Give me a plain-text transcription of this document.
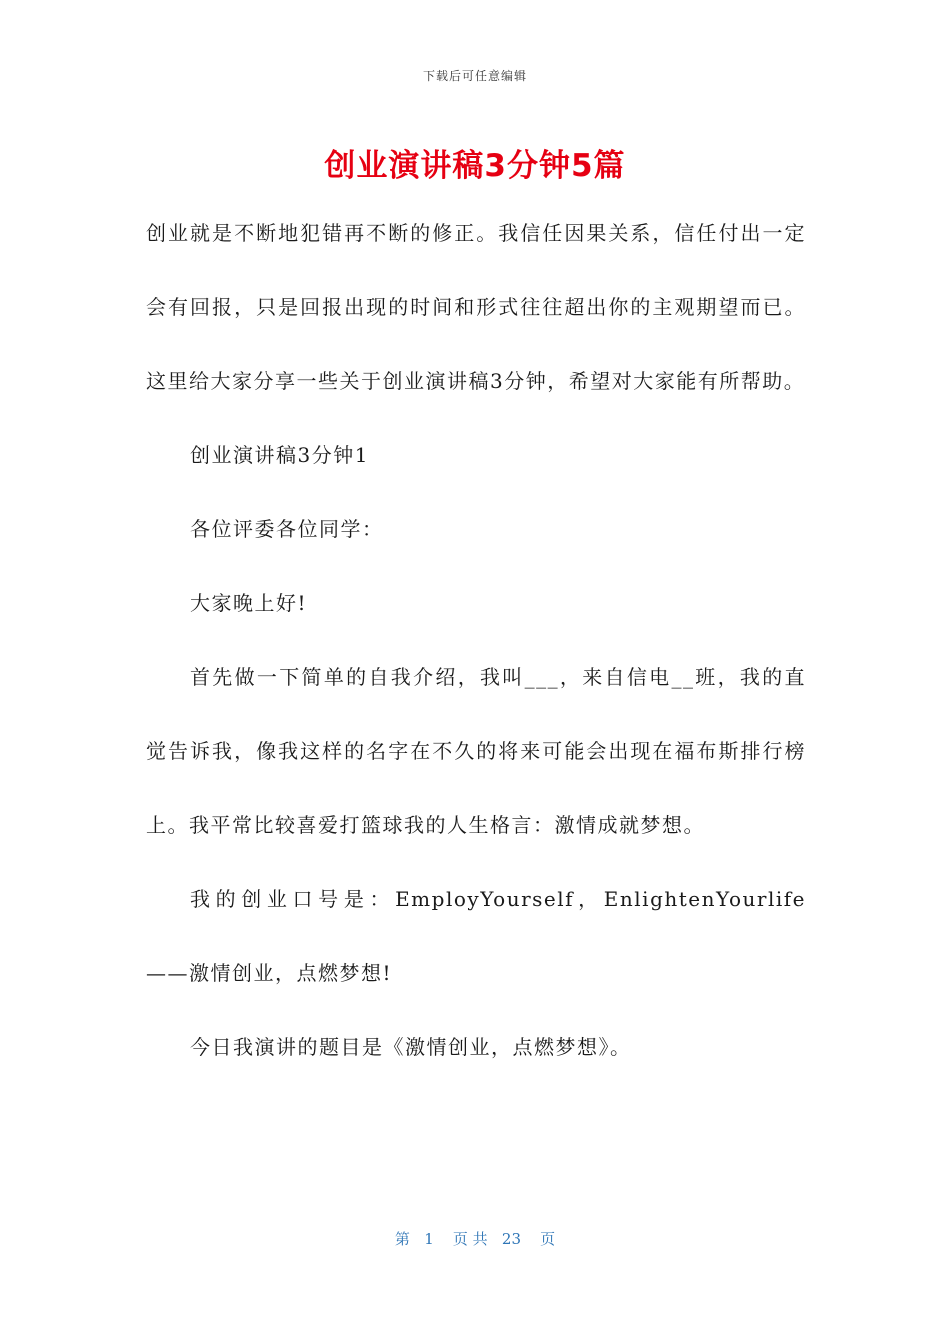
下载后可任意编辑
创业演讲稿3分钟5篇

创业就是不断地犯错再不断的修正。我信任因果关系，信任付出一定会有回报，只是回报出现的时间和形式往往超出你的主观期望而已。这里给大家分享一些关于创业演讲稿3分钟，希望对大家能有所帮助。

创业演讲稿3分钟1

各位评委各位同学：

大家晚上好!

首先做一下简单的自我介绍，我叫___，来自信电__班，我的直觉告诉我，像我这样的名字在不久的将来可能会出现在福布斯排行榜上。我平常比较喜爱打篮球我的人生格言：激情成就梦想。

我的创业口号是：EmployYourself，EnlightenYourlife——激情创业，点燃梦想!

今日我演讲的题目是《激情创业，点燃梦想》。

第 1 页 共 23 页
